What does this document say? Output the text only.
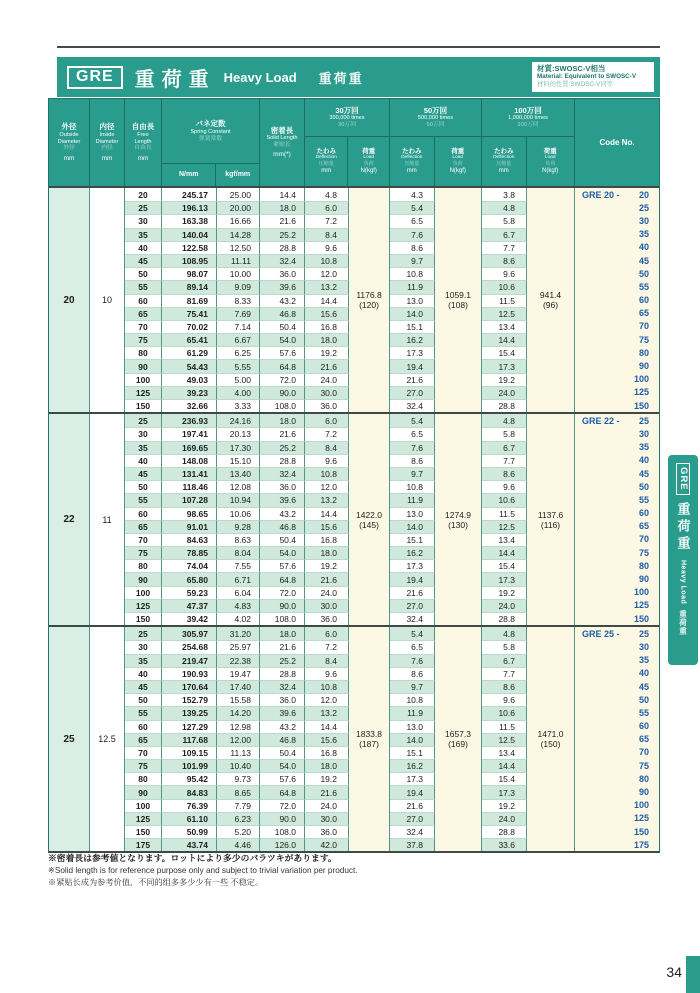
GRE	重荷重 Heavy Load 重荷重
材質:SWOSC-V相当
Material: Equivalent to SWOSC-V
材料的性質:SWOSC-V同等
外径
Outside
Diameter
外径
mm
内径
Inside
Diameter
内径
mm
自由長
Free
Length
自由長
mm
バネ定数
Spring Constant
弹簧常数
N/mm	kgf/mm
密着長
Solid Length
紧贴长
mm(*)
30万回
300,000 times
30万回
たわみ
Deflection
压缩量
mm
荷重
Load
负荷
N(kgf)
50万回
500,000 times
50万回
たわみ
Deflection
压缩量
mm
荷重
Load
负荷
N(kgf)
100万回
1,000,000 times
100万回
たわみ
Deflection
压缩量
mm
荷重
Load
负荷
N(kgf)
Code No.
20	10
1176.8
(120)
1059.1
(108)
941.4
(96)
20	245.17	25.00	14.4	4.8	4.3	3.8	GRE 20 - 20
25	196.13	20.00	18.0	6.0	5.4	4.8	25
30	163.38	16.66	21.6	7.2	6.5	5.8	30
35	140.04	14.28	25.2	8.4	7.6	6.7	35
40	122.58	12.50	28.8	9.6	8.6	7.7	40
45	108.95	11.11	32.4	10.8	9.7	8.6	45
50	98.07	10.00	36.0	12.0	10.8	9.6	50
55	89.14	9.09	39.6	13.2	11.9	10.6	55
60	81.69	8.33	43.2	14.4	13.0	11.5	60
65	75.41	7.69	46.8	15.6	14.0	12.5	65
70	70.02	7.14	50.4	16.8	15.1	13.4	70
75	65.41	6.67	54.0	18.0	16.2	14.4	75
80	61.29	6.25	57.6	19.2	17.3	15.4	80
90	54.43	5.55	64.8	21.6	19.4	17.3	90
100	49.03	5.00	72.0	24.0	21.6	19.2	100
125	39.23	4.00	90.0	30.0	27.0	24.0	125
150	32.66	3.33	108.0	36.0	32.4	28.8	150
22	11
1422.0
(145)
1274.9
(130)
1137.6
(116)
25	236.93	24.16	18.0	6.0	5.4	4.8	GRE 22 - 25
30	197.41	20.13	21.6	7.2	6.5	5.8	30
35	169.65	17.30	25.2	8.4	7.6	6.7	35
40	148.08	15.10	28.8	9.6	8.6	7.7	40
45	131.41	13.40	32.4	10.8	9.7	8.6	45
50	118.46	12.08	36.0	12.0	10.8	9.6	50
55	107.28	10.94	39.6	13.2	11.9	10.6	55
60	98.65	10.06	43.2	14.4	13.0	11.5	60
65	91.01	9.28	46.8	15.6	14.0	12.5	65
70	84.63	8.63	50.4	16.8	15.1	13.4	70
75	78.85	8.04	54.0	18.0	16.2	14.4	75
80	74.04	7.55	57.6	19.2	17.3	15.4	80
90	65.80	6.71	64.8	21.6	19.4	17.3	90
100	59.23	6.04	72.0	24.0	21.6	19.2	100
125	47.37	4.83	90.0	30.0	27.0	24.0	125
150	39.42	4.02	108.0	36.0	32.4	28.8	150
25	12.5
1833.8
(187)
1657.3
(169)
1471.0
(150)
25	305.97	31.20	18.0	6.0	5.4	4.8	GRE 25 - 25
30	254.68	25.97	21.6	7.2	6.5	5.8	30
35	219.47	22.38	25.2	8.4	7.6	6.7	35
40	190.93	19.47	28.8	9.6	8.6	7.7	40
45	170.64	17.40	32.4	10.8	9.7	8.6	45
50	152.79	15.58	36.0	12.0	10.8	9.6	50
55	139.25	14.20	39.6	13.2	11.9	10.6	55
60	127.29	12.98	43.2	14.4	13.0	11.5	60
65	117.68	12.00	46.8	15.6	14.0	12.5	65
70	109.15	11.13	50.4	16.8	15.1	13.4	70
75	101.99	10.40	54.0	18.0	16.2	14.4	75
80	95.42	9.73	57.6	19.2	17.3	15.4	80
90	84.83	8.65	64.8	21.6	19.4	17.3	90
100	76.39	7.79	72.0	24.0	21.6	19.2	100
125	61.10	6.23	90.0	30.0	27.0	24.0	125
150	50.99	5.20	108.0	36.0	32.4	28.8	150
175	43.74	4.46	126.0	42.0	37.8	33.6	175
※密着長は参考値となります。ロットにより多少のバラツキがあります。
※Solid length is for reference purpose only and subject to trivial variation per product.
※紧贴长成为参考价值，不同的组多多少少有一些 不稳定。
GRE
重荷重
Heavy Load
重荷重
34
